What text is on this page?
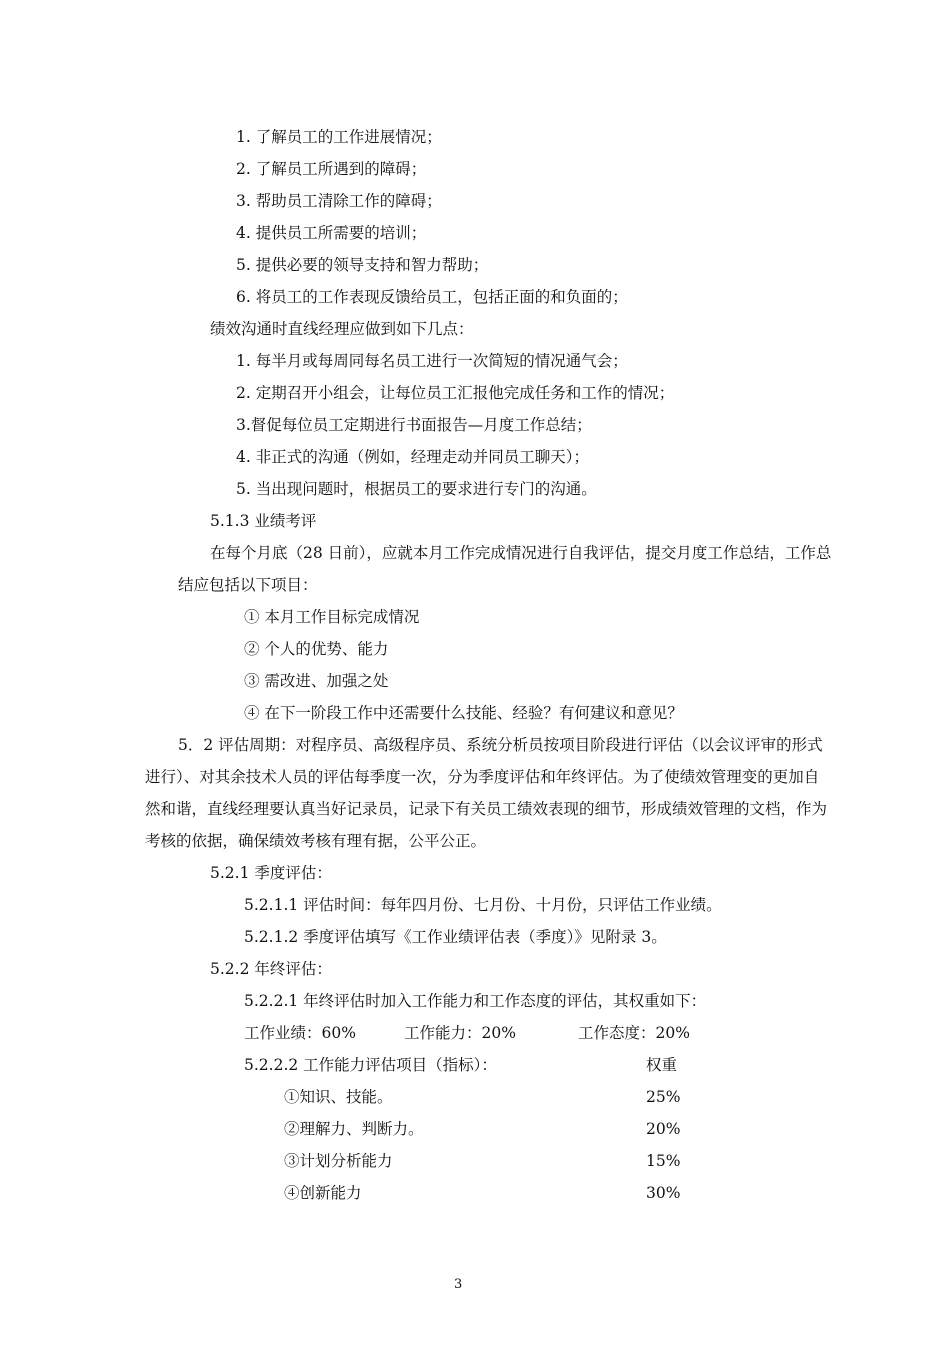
1. 了解员工的工作进展情况；
2. 了解员工所遇到的障碍；
3. 帮助员工清除工作的障碍；
4. 提供员工所需要的培训；
5. 提供必要的领导支持和智力帮助；
6. 将员工的工作表现反馈给员工，包括正面的和负面的；
绩效沟通时直线经理应做到如下几点：
1. 每半月或每周同每名员工进行一次简短的情况通气会；
2. 定期召开小组会，让每位员工汇报他完成任务和工作的情况；
3.督促每位员工定期进行书面报告—月度工作总结；
4. 非正式的沟通（例如，经理走动并同员工聊天）；
5. 当出现问题时，根据员工的要求进行专门的沟通。
5.1.3 业绩考评
在每个月底（28 日前），应就本月工作完成情况进行自我评估，提交月度工作总结，工作总
结应包括以下项目：
① 本月工作目标完成情况
② 个人的优势、能力
③ 需改进、加强之处
④ 在下一阶段工作中还需要什么技能、经验？有何建议和意见？
5．2 评估周期：对程序员、高级程序员、系统分析员按项目阶段进行评估（以会议评审的形式
进行）、对其余技术人员的评估每季度一次，分为季度评估和年终评估。为了使绩效管理变的更加自
然和谐，直线经理要认真当好记录员，记录下有关员工绩效表现的细节，形成绩效管理的文档，作为
考核的依据，确保绩效考核有理有据，公平公正。
5.2.1 季度评估：
5.2.1.1 评估时间：每年四月份、七月份、十月份，只评估工作业绩。
5.2.1.2 季度评估填写《工作业绩评估表（季度）》见附录 3。
5.2.2 年终评估：
5.2.2.1 年终评估时加入工作能力和工作态度的评估，其权重如下：
工作业绩：60%	工作能力：20%	工作态度：20%
5.2.2.2 工作能力评估项目（指标）：	权重
①知识、技能。	25%
②理解力、判断力。	20%
③计划分析能力	15%
④创新能力	30%
3
